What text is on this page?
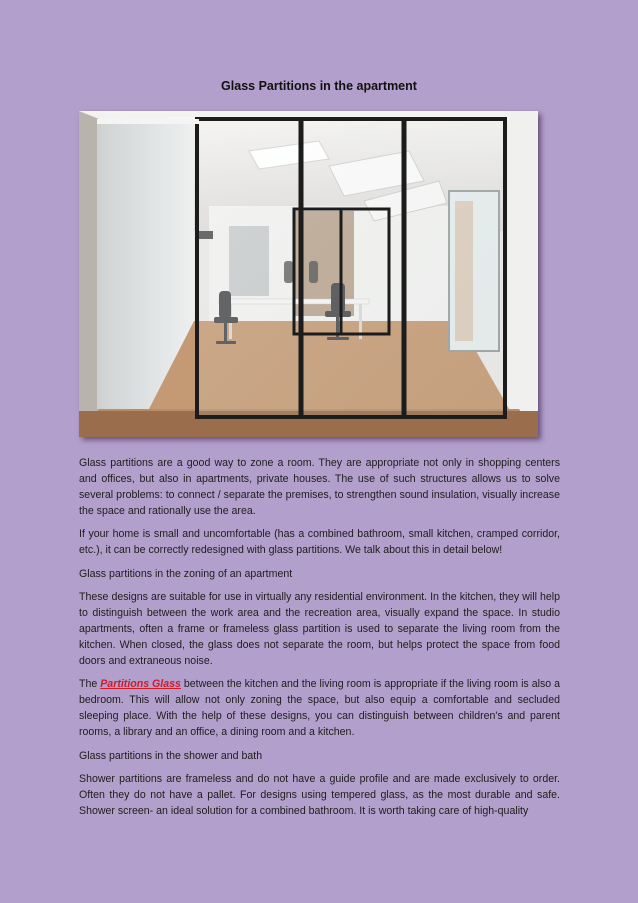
Glass Partitions in the apartment

Glass partitions are a good way to zone a room. They are appropriate not only in shopping centers and offices, but also in apartments, private houses. The use of such structures allows us to solve several problems: to connect / separate the premises, to strengthen sound insulation, visually increase the space and rationally use the area.

If your home is small and uncomfortable (has a combined bathroom, small kitchen, cramped corridor, etc.), it can be correctly redesigned with glass partitions. We talk about this in detail below!

Glass partitions in the zoning of an apartment

These designs are suitable for use in virtually any residential environment. In the kitchen, they will help to distinguish between the work area and the recreation area, visually expand the space. In studio apartments, often a frame or frameless glass partition is used to separate the living room from the kitchen. When closed, the glass does not separate the room, but helps protect the space from food doors and extraneous noise.

The Partitions Glass between the kitchen and the living room is appropriate if the living room is also a bedroom. This will allow not only zoning the space, but also equip a comfortable and secluded sleeping place. With the help of these designs, you can distinguish between children's and parent rooms, a library and an office, a dining room and a kitchen.

Glass partitions in the shower and bath

Shower partitions are frameless and do not have a guide profile and are made exclusively to order. Often they do not have a pallet. For designs using tempered glass, as the most durable and safe. Shower screen- an ideal solution for a combined bathroom. It is worth taking care of high-quality
